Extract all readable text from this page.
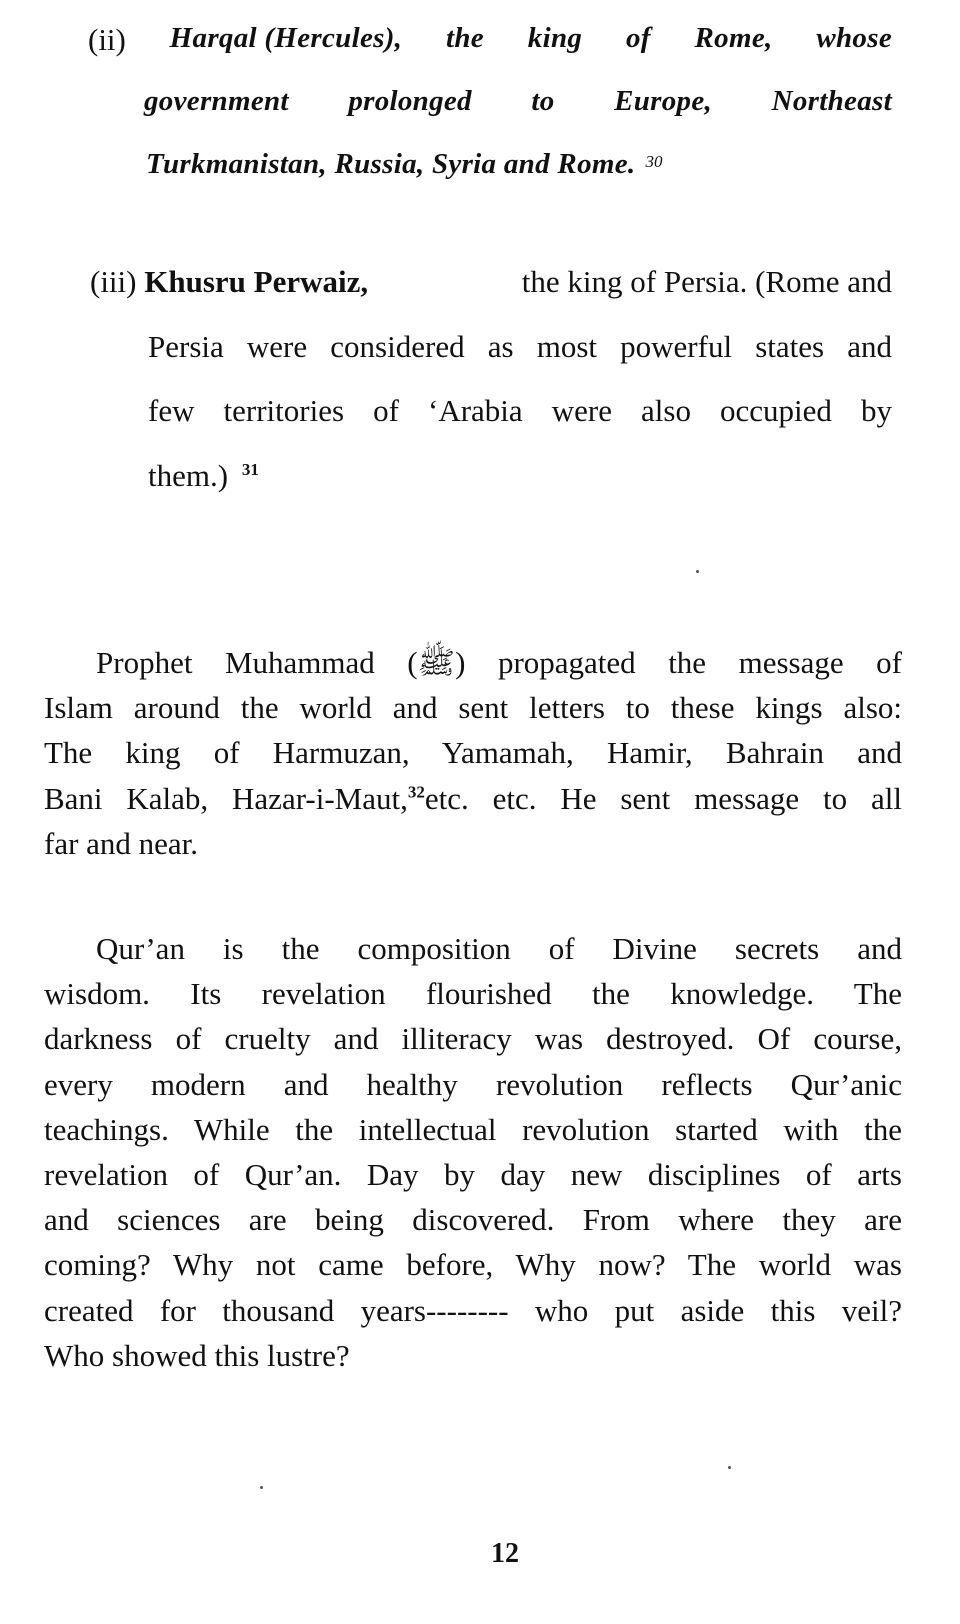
(ii) Harqal (Hercules), the king of Rome, whose
government prolonged to Europe, Northeast
Turkmanistan, Russia, Syria and Rome. 30
(iii) Khusru Perwaiz,	the king of Persia. (Rome and
Persia were considered as most powerful states and
few territories of ‘Arabia were also occupied by
them.) $^{31}$
Prophet Muhammad (ﷺ) propagated the message of
Islam around the world and sent letters to these kings also:
The king of Harmuzan, Yamamah, Hamir, Bahrain and
Bani Kalab, Hazar-i-Maut,$^{32}$etc. etc. He sent message to all
far and near.
Qur’an is the composition of Divine secrets and
wisdom. Its revelation flourished the knowledge. The
darkness of cruelty and illiteracy was destroyed. Of course,
every modern and healthy revolution reflects Qur’anic
teachings. While the intellectual revolution started with the
revelation of Qur’an. Day by day new disciplines of arts
and sciences are being discovered. From where they are
coming? Why not came before, Why now? The world was
created for thousand years-------- who put aside this veil?
Who showed this lustre?
12
